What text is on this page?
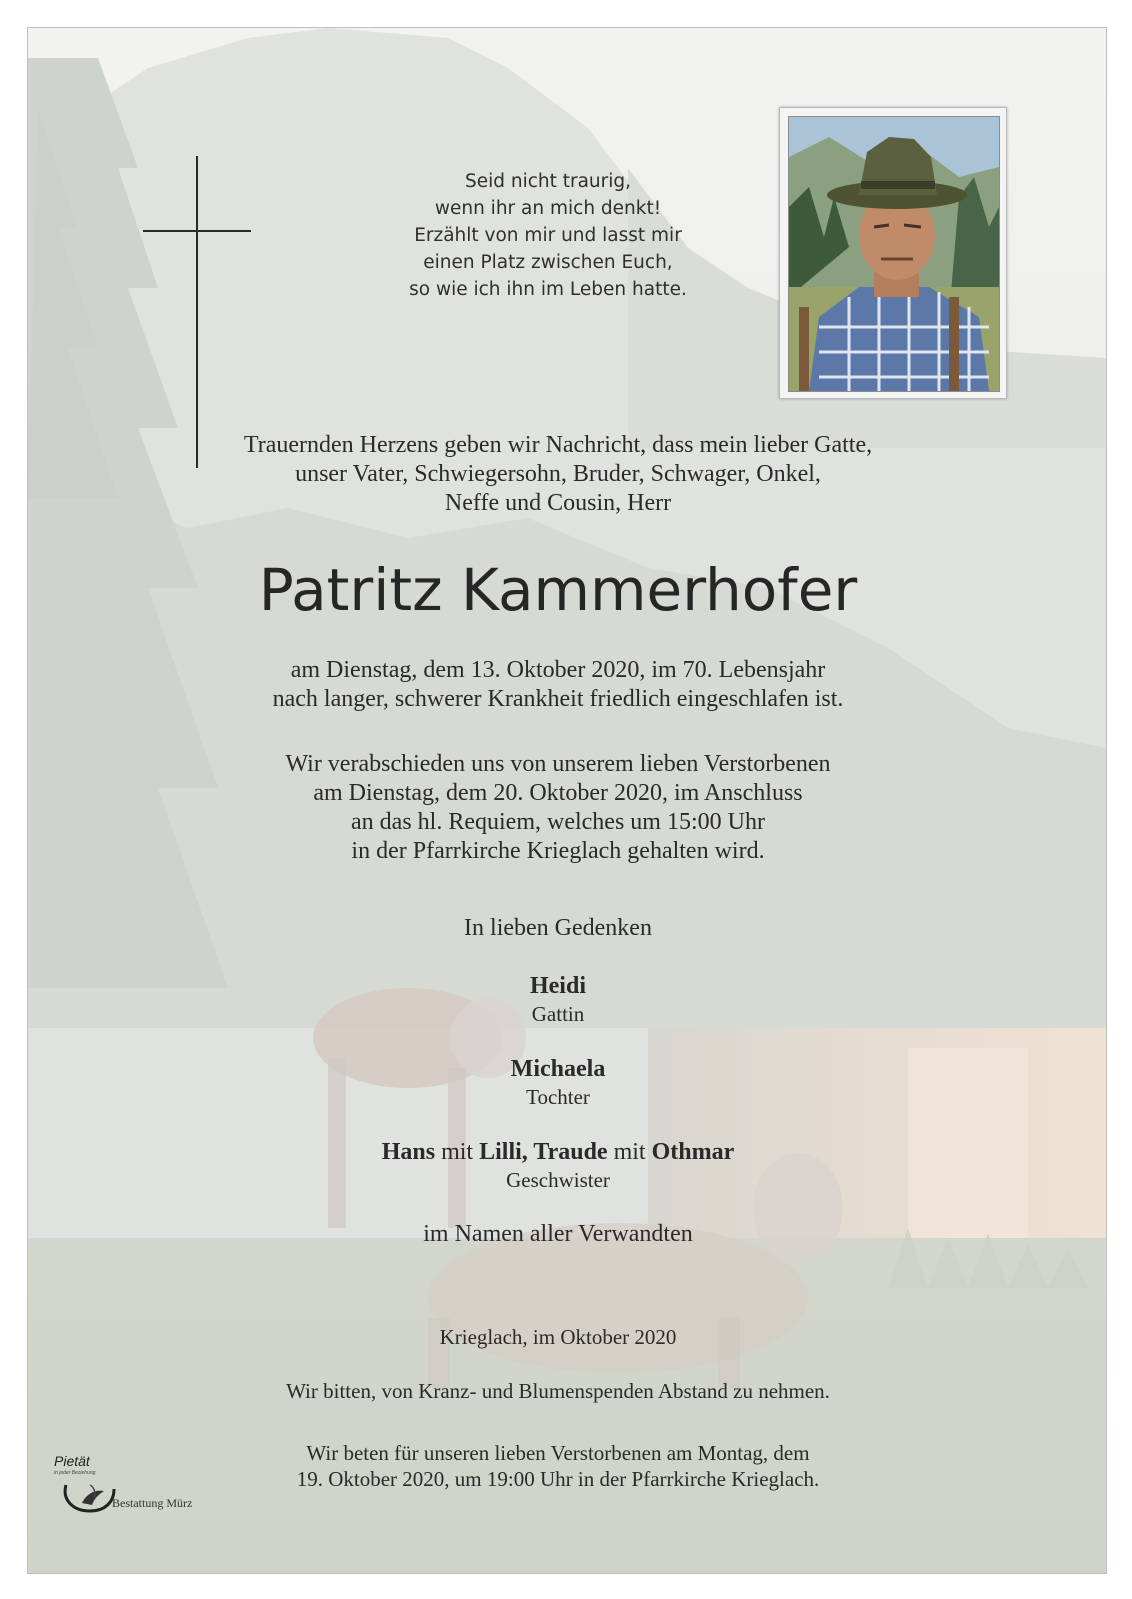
Seid nicht traurig,
wenn ihr an mich denkt!
Erzählt von mir und lasst mir
einen Platz zwischen Euch,
so wie ich ihn im Leben hatte.
Trauernden Herzens geben wir Nachricht, dass mein lieber Gatte,
unser Vater, Schwiegersohn, Bruder, Schwager, Onkel,
Neffe und Cousin, Herr
Patritz Kammerhofer
am Dienstag, dem 13. Oktober 2020, im 70. Lebensjahr
nach langer, schwerer Krankheit friedlich eingeschlafen ist.
Wir verabschieden uns von unserem lieben Verstorbenen
am Dienstag, dem 20. Oktober 2020, im Anschluss
an das hl. Requiem, welches um 15:00 Uhr
in der Pfarrkirche Krieglach gehalten wird.
In lieben Gedenken
Heidi
Gattin
Michaela
Tochter
Hans mit Lilli, Traude mit Othmar
Geschwister
im Namen aller Verwandten
Krieglach, im Oktober 2020
Wir bitten, von Kranz- und Blumenspenden Abstand zu nehmen.
Wir beten für unseren lieben Verstorbenen am Montag, dem
19. Oktober 2020, um 19:00 Uhr in der Pfarrkirche Krieglach.
Pietät
in jeder Beziehung
Bestattung Mürz
